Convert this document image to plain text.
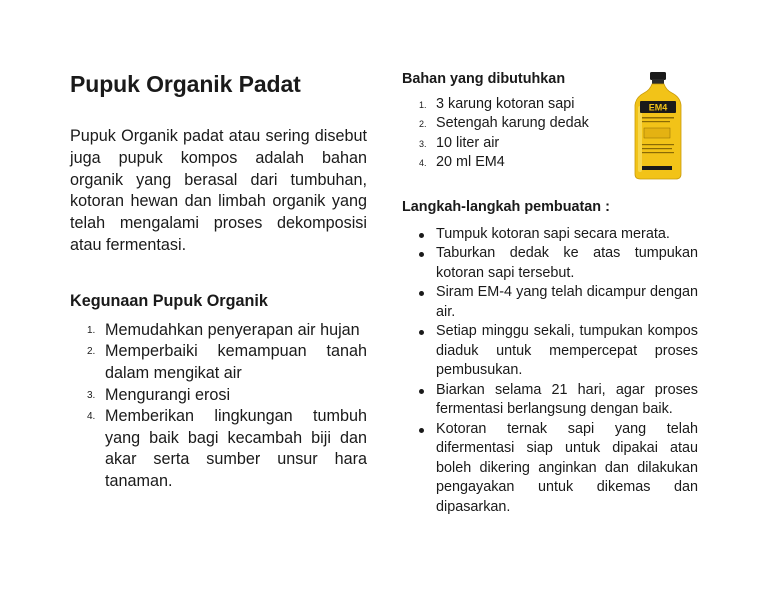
Pupuk Organik Padat

Pupuk Organik padat atau sering disebut juga pupuk kompos adalah bahan organik yang berasal dari tumbuhan, kotoran hewan dan limbah organik yang telah mengalami proses dekomposisi atau fermentasi.

Kegunaan Pupuk Organik
1. Memudahkan penyerapan air hujan
2. Memperbaiki kemampuan tanah dalam mengikat air
3. Mengurangi erosi
4. Memberikan lingkungan tumbuh yang baik bagi kecambah biji dan akar serta sumber unsur hara tanaman.
Bahan yang dibutuhkan
1. 3 karung kotoran sapi
2. Setengah karung dedak
3. 10 liter air
4. 20 ml EM4
Langkah-langkah pembuatan :
Tumpuk kotoran sapi secara merata.
Taburkan dedak ke atas tumpukan kotoran sapi tersebut.
Siram EM-4 yang telah dicampur dengan air.
Setiap minggu sekali, tumpukan kompos diaduk untuk mempercepat proses pembusukan.
Biarkan selama 21 hari, agar proses fermentasi berlangsung dengan baik.
Kotoran ternak sapi yang telah difermentasi siap untuk dipakai atau boleh dikering anginkan dan dilakukan pengayakan untuk dikemas dan dipasarkan.
EM4
